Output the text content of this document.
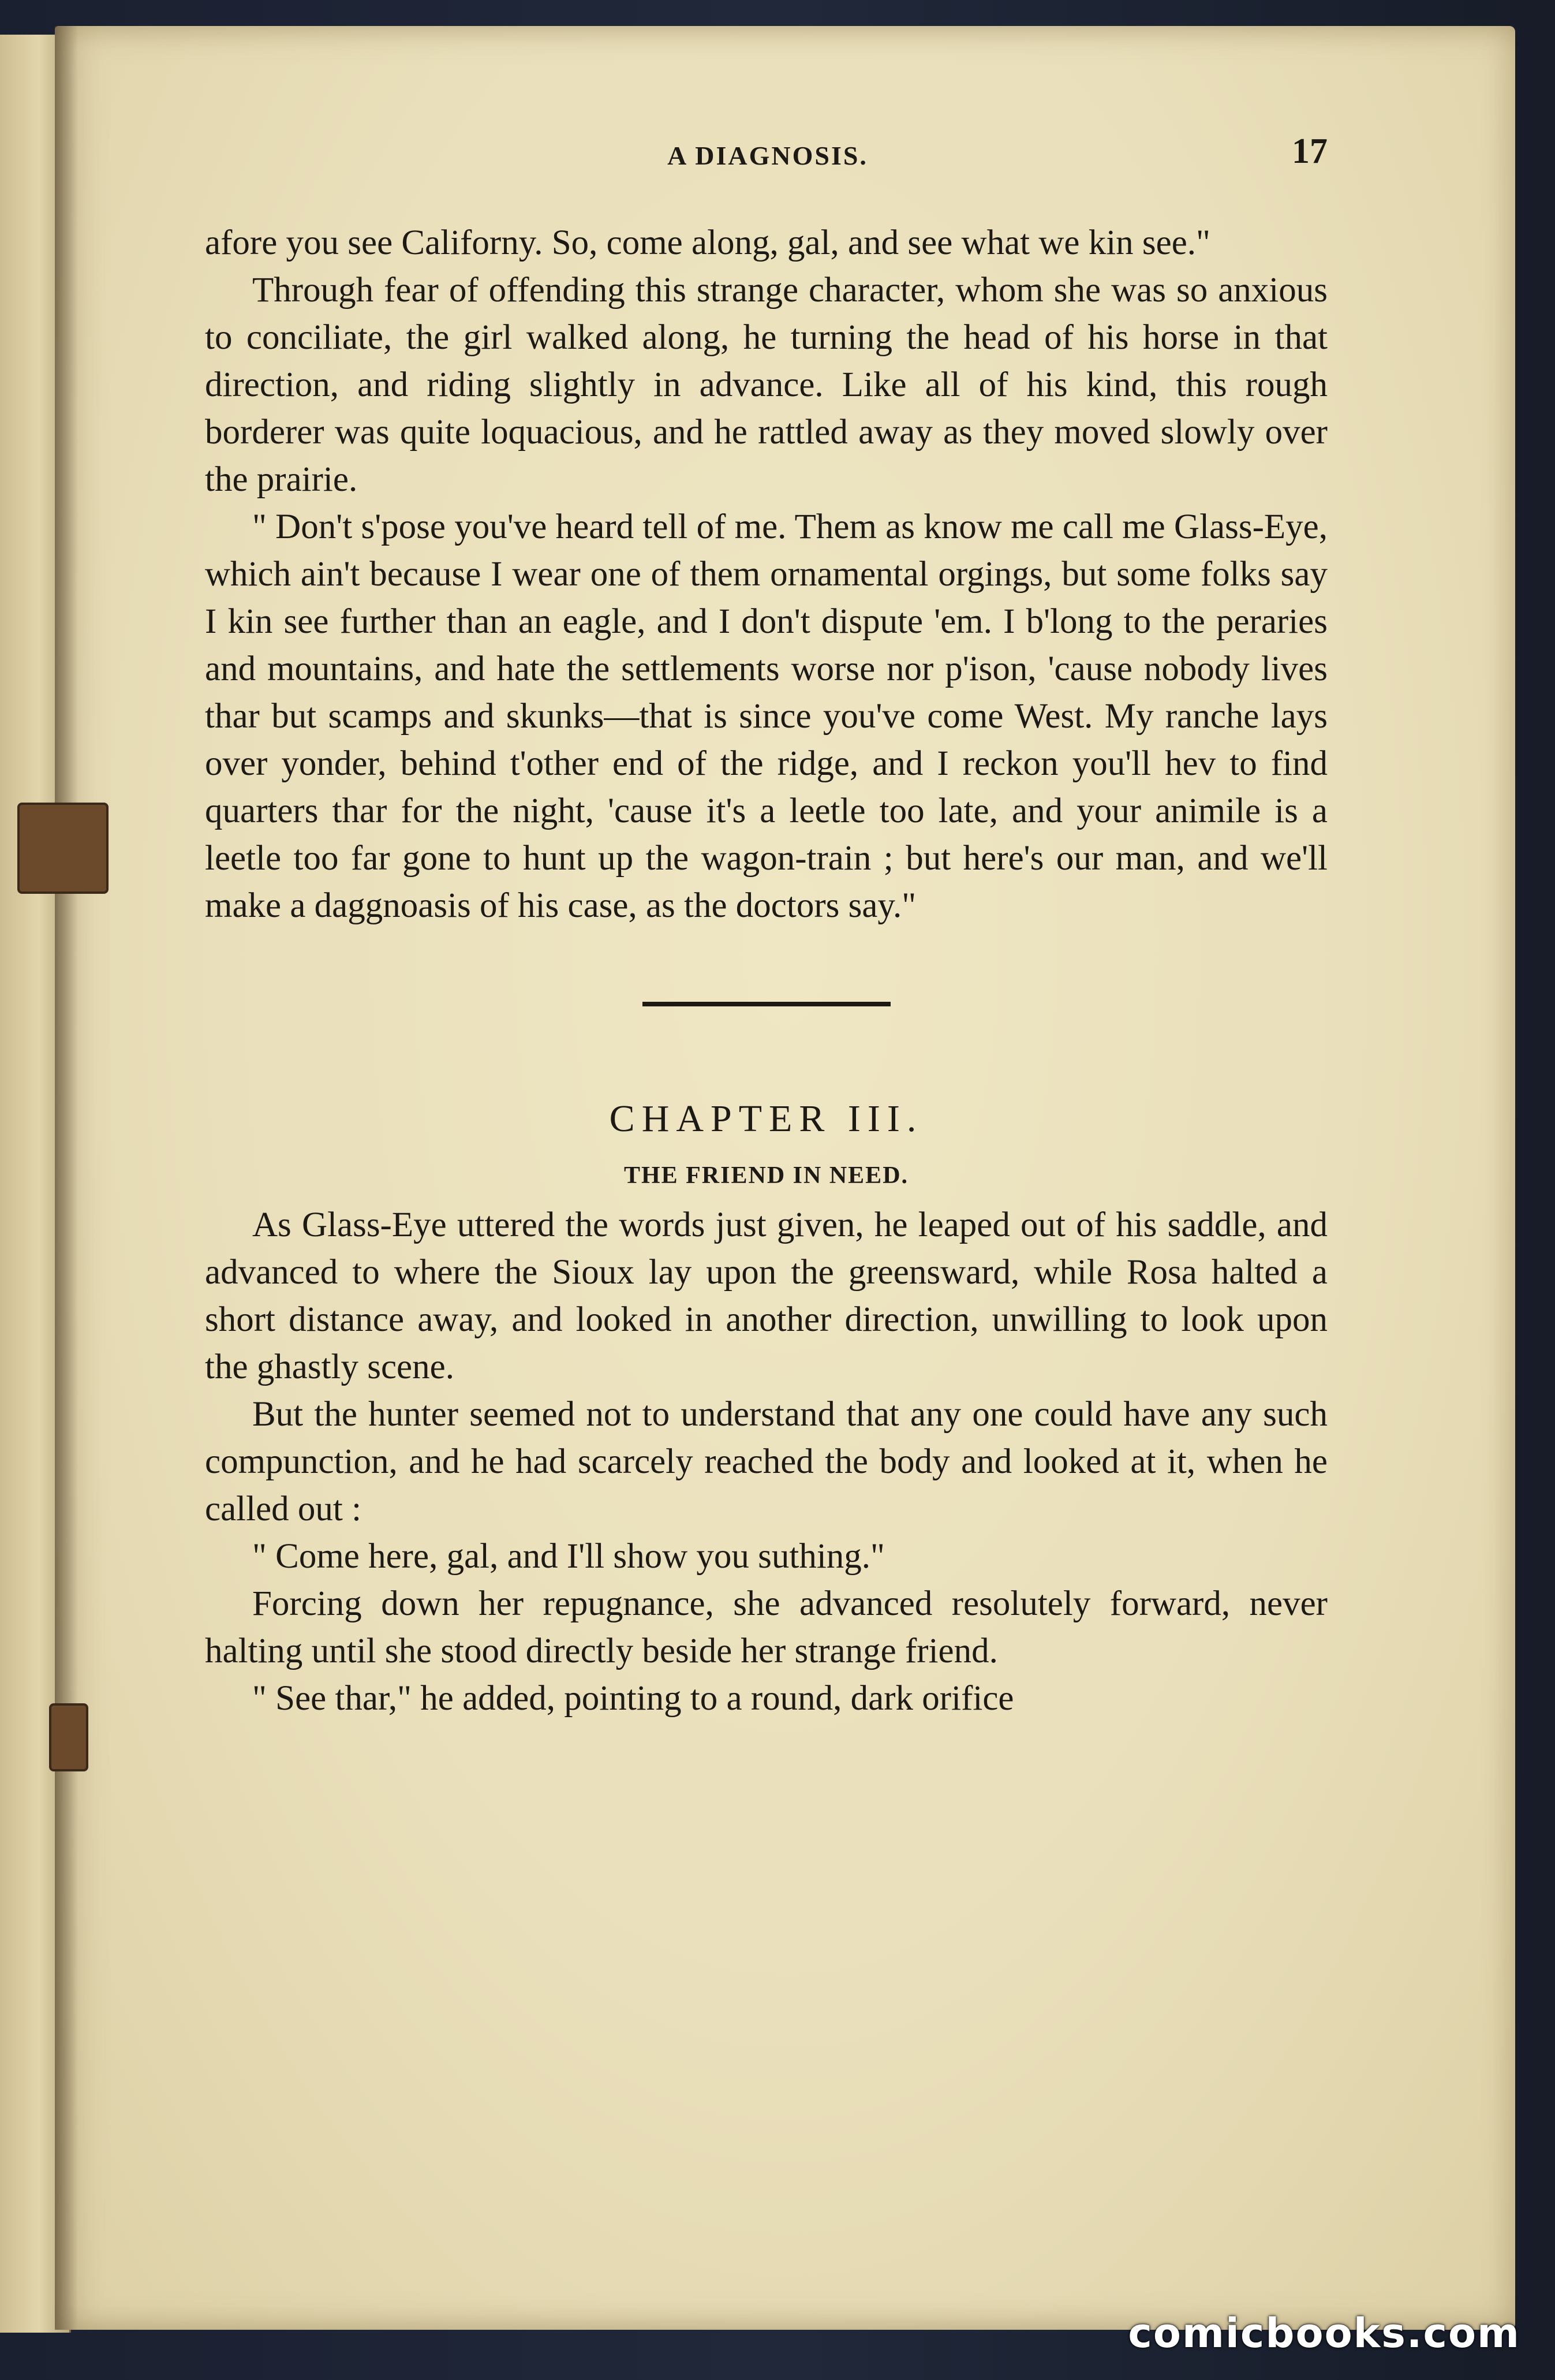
A DIAGNOSIS.	17

afore you see Californy. So, come along, gal, and see what we kin see."

Through fear of offending this strange character, whom she was so anxious to conciliate, the girl walked along, he turning the head of his horse in that direction, and riding slightly in advance. Like all of his kind, this rough borderer was quite loquacious, and he rattled away as they moved slowly over the prairie.

" Don't s'pose you've heard tell of me. Them as know me call me Glass-Eye, which ain't because I wear one of them ornamental orgings, but some folks say I kin see further than an eagle, and I don't dispute 'em. I b'long to the peraries and mountains, and hate the settlements worse nor p'ison, 'cause nobody lives thar but scamps and skunks—that is since you've come West. My ranche lays over yonder, behind t'other end of the ridge, and I reckon you'll hev to find quarters thar for the night, 'cause it's a leetle too late, and your animile is a leetle too far gone to hunt up the wagon-train ; but here's our man, and we'll make a daggnoasis of his case, as the doctors say."

CHAPTER III.
THE FRIEND IN NEED.

As Glass-Eye uttered the words just given, he leaped out of his saddle, and advanced to where the Sioux lay upon the greensward, while Rosa halted a short distance away, and looked in another direction, unwilling to look upon the ghastly scene.

But the hunter seemed not to understand that any one could have any such compunction, and he had scarcely reached the body and looked at it, when he called out :

" Come here, gal, and I'll show you suthing."

Forcing down her repugnance, she advanced resolutely forward, never halting until she stood directly beside her strange friend.

" See thar," he added, pointing to a round, dark orifice

comicbooks.com
